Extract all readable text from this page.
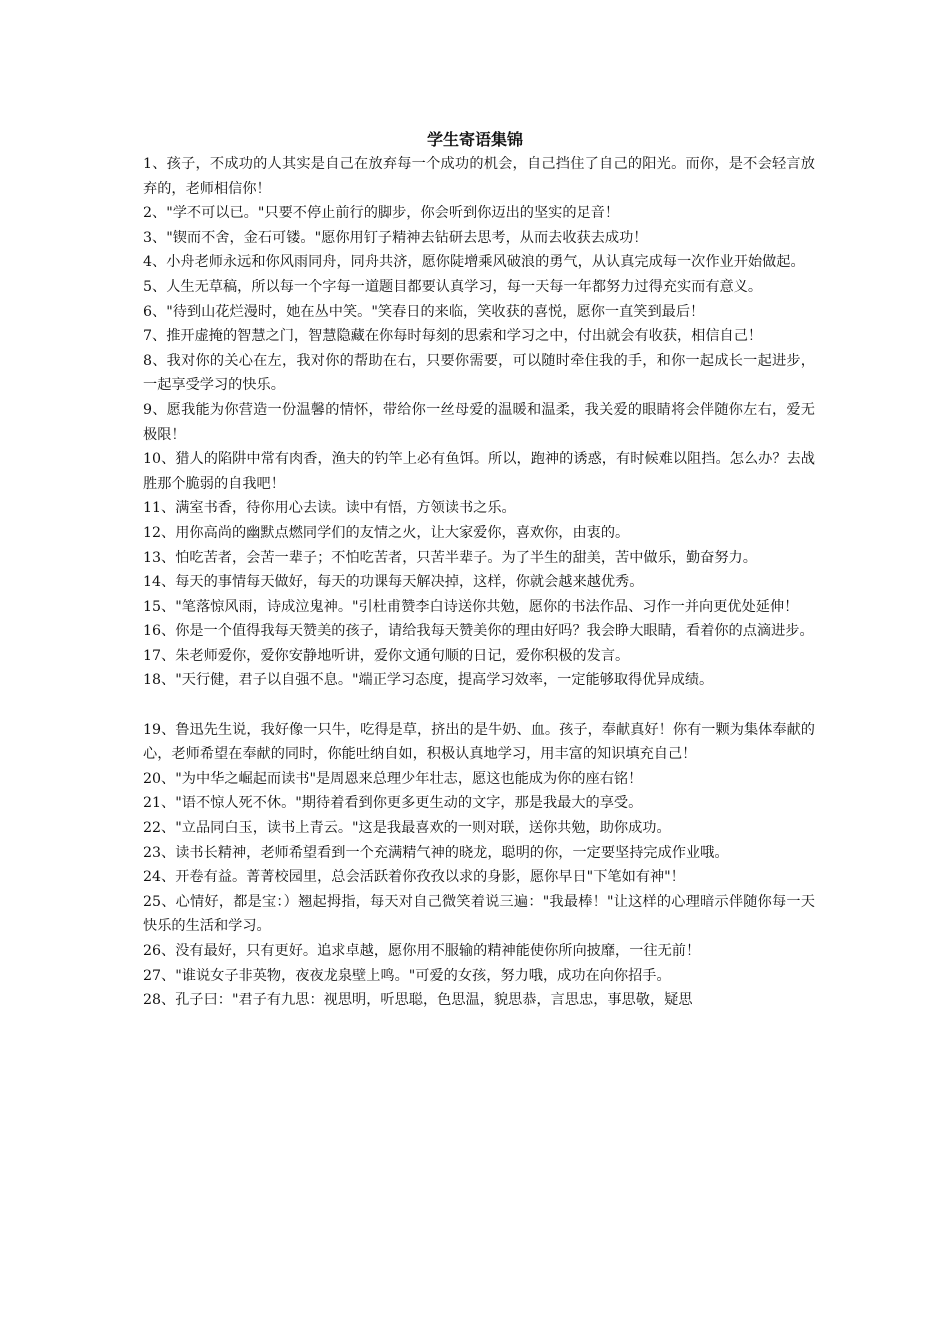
学生寄语集锦

1、孩子，不成功的人其实是自己在放弃每一个成功的机会，自己挡住了自己的阳光。而你，是不会轻言放弃的，老师相信你！

2、"学不可以已。"只要不停止前行的脚步，你会听到你迈出的坚实的足音！

3、"锲而不舍，金石可镂。"愿你用钉子精神去钻研去思考，从而去收获去成功！

4、小舟老师永远和你风雨同舟，同舟共济，愿你陡增乘风破浪的勇气，从认真完成每一次作业开始做起。

5、人生无草稿，所以每一个字每一道题目都要认真学习，每一天每一年都努力过得充实而有意义。

6、"待到山花烂漫时，她在丛中笑。"笑春日的来临，笑收获的喜悦，愿你一直笑到最后！

7、推开虚掩的智慧之门，智慧隐藏在你每时每刻的思索和学习之中，付出就会有收获，相信自己！

8、我对你的关心在左，我对你的帮助在右，只要你需要，可以随时牵住我的手，和你一起成长一起进步，一起享受学习的快乐。

9、愿我能为你营造一份温馨的情怀，带给你一丝母爱的温暖和温柔，我关爱的眼睛将会伴随你左右，爱无极限！

10、猎人的陷阱中常有肉香，渔夫的钓竿上必有鱼饵。所以，跑神的诱惑，有时候难以阻挡。怎么办？去战胜那个脆弱的自我吧！

11、满室书香，待你用心去读。读中有悟，方领读书之乐。

12、用你高尚的幽默点燃同学们的友情之火，让大家爱你，喜欢你，由衷的。

13、怕吃苦者，会苦一辈子；不怕吃苦者，只苦半辈子。为了半生的甜美，苦中做乐，勤奋努力。

14、每天的事情每天做好，每天的功课每天解决掉，这样，你就会越来越优秀。

15、"笔落惊风雨，诗成泣鬼神。"引杜甫赞李白诗送你共勉，愿你的书法作品、习作一并向更优处延伸！

16、你是一个值得我每天赞美的孩子，请给我每天赞美你的理由好吗？我会睁大眼睛，看着你的点滴进步。

17、朱老师爱你，爱你安静地听讲，爱你文通句顺的日记，爱你积极的发言。

18、"天行健，君子以自强不息。"端正学习态度，提高学习效率，一定能够取得优异成绩。

19、鲁迅先生说，我好像一只牛，吃得是草，挤出的是牛奶、血。孩子，奉献真好！你有一颗为集体奉献的心，老师希望在奉献的同时，你能吐纳自如，积极认真地学习，用丰富的知识填充自己！

20、"为中华之崛起而读书"是周恩来总理少年壮志，愿这也能成为你的座右铭！

21、"语不惊人死不休。"期待着看到你更多更生动的文字，那是我最大的享受。

22、"立品同白玉，读书上青云。"这是我最喜欢的一则对联，送你共勉，助你成功。

23、读书长精神，老师希望看到一个充满精气神的晓龙，聪明的你，一定要坚持完成作业哦。

24、开卷有益。菁菁校园里，总会活跃着你孜孜以求的身影，愿你早日"下笔如有神"！

25、心情好，都是宝：）翘起拇指，每天对自己微笑着说三遍："我最棒！"让这样的心理暗示伴随你每一天快乐的生活和学习。

26、没有最好，只有更好。追求卓越，愿你用不服输的精神能使你所向披靡，一往无前！

27、"谁说女子非英物，夜夜龙泉壁上鸣。"可爱的女孩，努力哦，成功在向你招手。

28、孔子曰："君子有九思：视思明，听思聪，色思温，貌思恭，言思忠，事思敬，疑思
